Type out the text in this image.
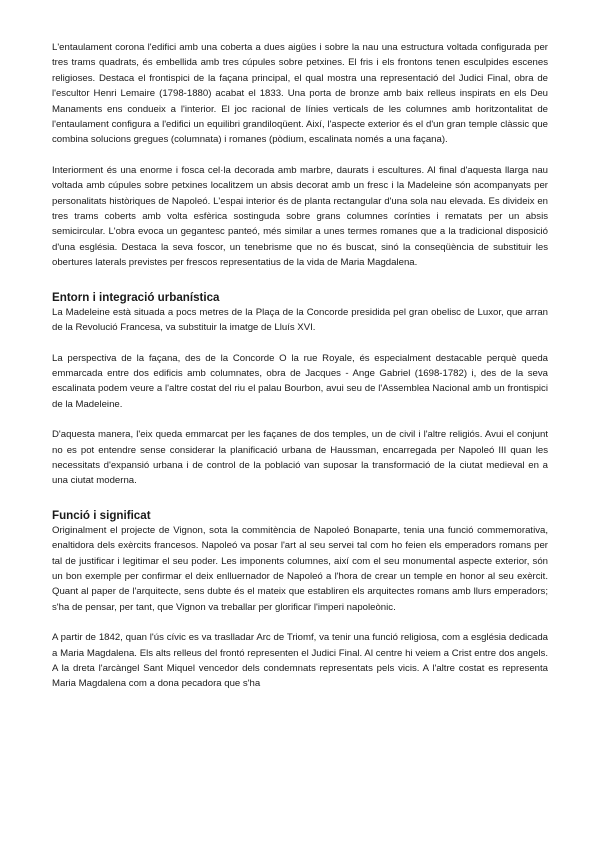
L'entaulament corona l'edifici amb una coberta a dues aigües i sobre la nau una estructura voltada configurada per tres trams quadrats, és embellida amb tres cúpules sobre petxines. El fris i els frontons tenen esculpides escenes religioses. Destaca el frontispici de la façana principal, el qual mostra una representació del Judici Final, obra de l'escultor Henri Lemaire (1798-1880) acabat el 1833. Una porta de bronze amb baix relleus inspirats en els Deu Manaments ens condueix a l'interior. El joc racional de línies verticals de les columnes amb horitzontalitat de l'entaulament configura a l'edifici un equilibri grandiloqüent. Així, l'aspecte exterior és el d'un gran temple clàssic que combina solucions gregues (columnata) i romanes (pòdium, escalinata només a una façana).

Interiorment és una enorme i fosca cel·la decorada amb marbre, daurats i escultures. Al final d'aquesta llarga nau voltada amb cúpules sobre petxines localitzem un absis decorat amb un fresc i la Madeleine són acompanyats per personalitats històriques de Napoleó. L'espai interior és de planta rectangular d'una sola nau elevada. Es divideix en tres trams coberts amb volta esfèrica sostinguda sobre grans columnes corínties i rematats per un absis semicircular. L'obra evoca un gegantesc panteó, més similar a unes termes romanes que a la tradicional disposició d'una església. Destaca la seva foscor, un tenebrisme que no és buscat, sinó la conseqüència de substituir les obertures laterals previstes per frescos representatius de la vida de Maria Magdalena.

Entorn i integració urbanística

La Madeleine està situada a pocs metres de la Plaça de la Concorde presidida pel gran obelisc de Luxor, que arran de la Revolució Francesa, va substituir la imatge de Lluís XVI.

La perspectiva de la façana, des de la Concorde O la rue Royale, és especialment destacable perquè queda emmarcada entre dos edificis amb columnates, obra de Jacques - Ange Gabriel (1698-1782) i, des de la seva escalinata podem veure a l'altre costat del riu el palau Bourbon, avui seu de l'Assemblea Nacional amb un frontispici de la Madeleine.

D'aquesta manera, l'eix queda emmarcat per les façanes de dos temples, un de civil i l'altre religiós. Avui el conjunt no es pot entendre sense considerar la planificació urbana de Haussman, encarregada per Napoleó III quan les necessitats d'expansió urbana i de control de la població van suposar la transformació de la ciutat medieval en a una ciutat moderna.

Funció i significat

Originalment el projecte de Vignon, sota la commitència de Napoleó Bonaparte, tenia una funció commemorativa, enaltidora dels exèrcits francesos. Napoleó va posar l'art al seu servei tal com ho feien els emperadors romans per tal de justificar i legitimar el seu poder. Les imponents columnes, així com el seu monumental aspecte exterior, són un bon exemple per confirmar el deix enlluernador de Napoleó a l'hora de crear un temple en honor al seu exèrcit. Quant al paper de l'arquitecte, sens dubte és el mateix que establiren els arquitectes romans amb llurs emperadors; s'ha de pensar, per tant, que Vignon va treballar per glorificar l'imperi napoleònic.

A partir de 1842, quan l'ús cívic es va traslladar Arc de Triomf, va tenir una funció religiosa, com a església dedicada a Maria Magdalena. Els alts relleus del frontó representen el Judici Final. Al centre hi veiem a Crist entre dos angels. A la dreta l'arcàngel Sant Miquel vencedor dels condemnats representats pels vicis. A l'altre costat es representa Maria Magdalena com a dona pecadora que s'ha
